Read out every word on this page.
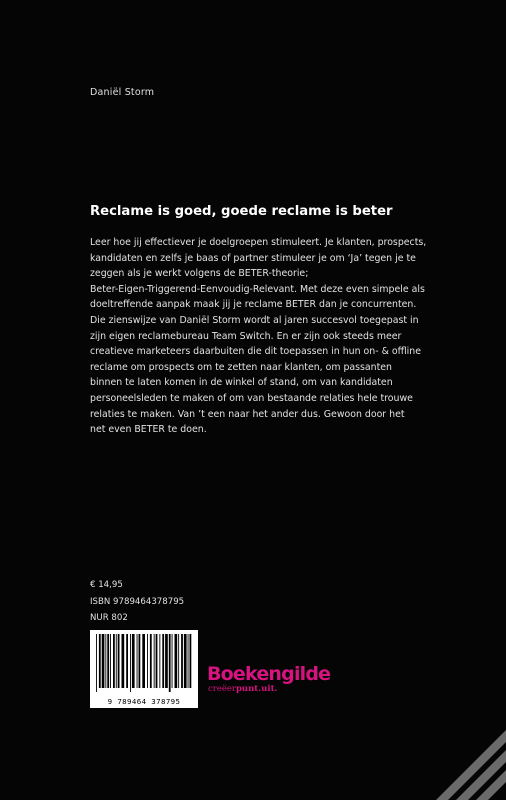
Daniël Storm
Reclame is goed, goede reclame is beter
Leer hoe jij effectiever je doelgroepen stimuleert. Je klanten, prospects,
kandidaten en zelfs je baas of partner stimuleer je om ‘Ja’ tegen je te
zeggen als je werkt volgens de BETER-theorie;
Beter-Eigen-Triggerend-Eenvoudig-Relevant. Met deze even simpele als
doeltreffende aanpak maak jij je reclame BETER dan je concurrenten.
Die zienswijze van Daniël Storm wordt al jaren succesvol toegepast in
zijn eigen reclamebureau Team Switch. En er zijn ook steeds meer
creatieve marketeers daarbuiten die dit toepassen in hun on- & offline
reclame om prospects om te zetten naar klanten, om passanten
binnen te laten komen in de winkel of stand, om van kandidaten
personeelsleden te maken of om van bestaande relaties hele trouwe
relaties te maken. Van ’t een naar het ander dus. Gewoon door het
net even BETER te doen.
€ 14,95
ISBN 9789464378795
NUR 802
9 789464 378795
Boekengilde
creëerpunt.uit.
